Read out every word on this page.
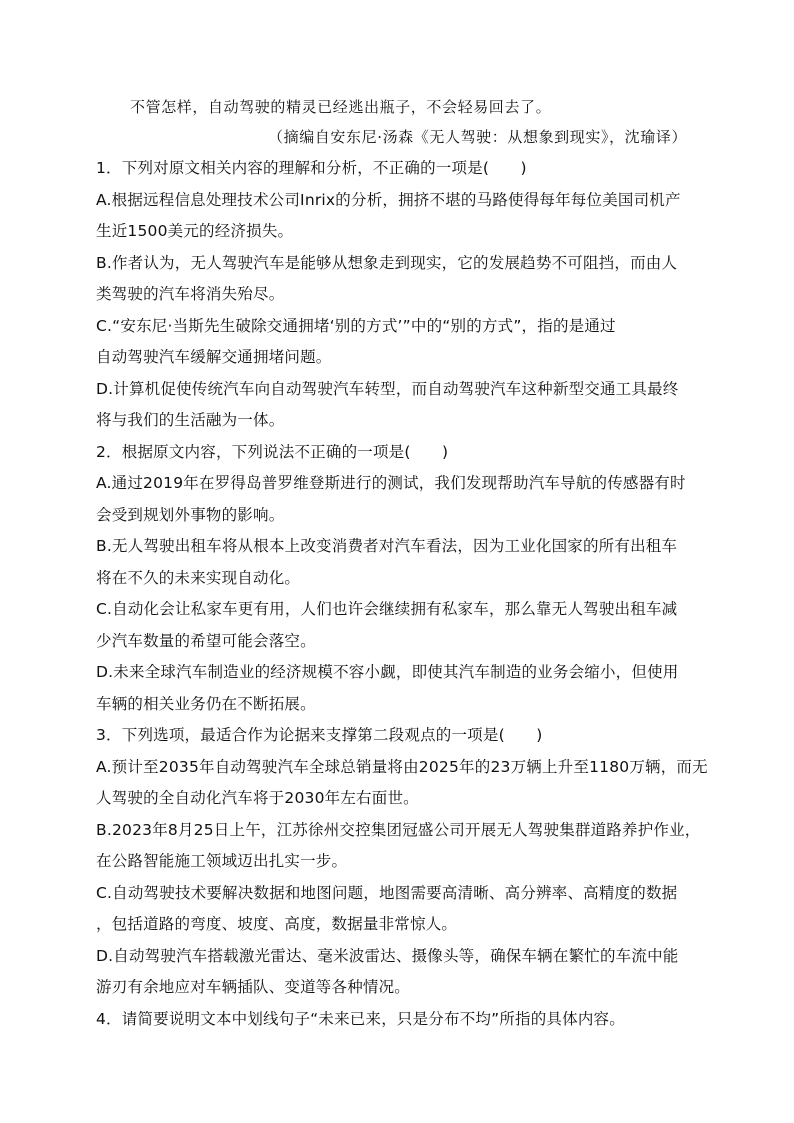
不管怎样，自动驾驶的精灵已经逃出瓶子，不会轻易回去了。
（摘编自安东尼·汤森《无人驾驶：从想象到现实》，沈瑜译）
1．下列对原文相关内容的理解和分析，不正确的一项是(　　)
A.根据远程信息处理技术公司Inrix的分析，拥挤不堪的马路使得每年每位美国司机产
生近1500美元的经济损失。
B.作者认为，无人驾驶汽车是能够从想象走到现实，它的发展趋势不可阻挡，而由人
类驾驶的汽车将消失殆尽。
C.“安东尼·当斯先生破除交通拥堵‘别的方式’”中的“别的方式”，指的是通过
自动驾驶汽车缓解交通拥堵问题。
D.计算机促使传统汽车向自动驾驶汽车转型，而自动驾驶汽车这种新型交通工具最终
将与我们的生活融为一体。
2．根据原文内容，下列说法不正确的一项是(　　)
A.通过2019年在罗得岛普罗维登斯进行的测试，我们发现帮助汽车导航的传感器有时
会受到规划外事物的影响。
B.无人驾驶出租车将从根本上改变消费者对汽车看法，因为工业化国家的所有出租车
将在不久的未来实现自动化。
C.自动化会让私家车更有用，人们也许会继续拥有私家车，那么靠无人驾驶出租车减
少汽车数量的希望可能会落空。
D.未来全球汽车制造业的经济规模不容小觑，即使其汽车制造的业务会缩小，但使用
车辆的相关业务仍在不断拓展。
3．下列选项，最适合作为论据来支撑第二段观点的一项是(　　)
A.预计至2035年自动驾驶汽车全球总销量将由2025年的23万辆上升至1180万辆，而无
人驾驶的全自动化汽车将于2030年左右面世。
B.2023年8月25日上午，江苏徐州交控集团冠盛公司开展无人驾驶集群道路养护作业，
在公路智能施工领域迈出扎实一步。
C.自动驾驶技术要解决数据和地图问题，地图需要高清晰、高分辨率、高精度的数据
，包括道路的弯度、坡度、高度，数据量非常惊人。
D.自动驾驶汽车搭载激光雷达、毫米波雷达、摄像头等，确保车辆在繁忙的车流中能
游刃有余地应对车辆插队、变道等各种情况。
4．请简要说明文本中划线句子“未来已来，只是分布不均”所指的具体内容。
